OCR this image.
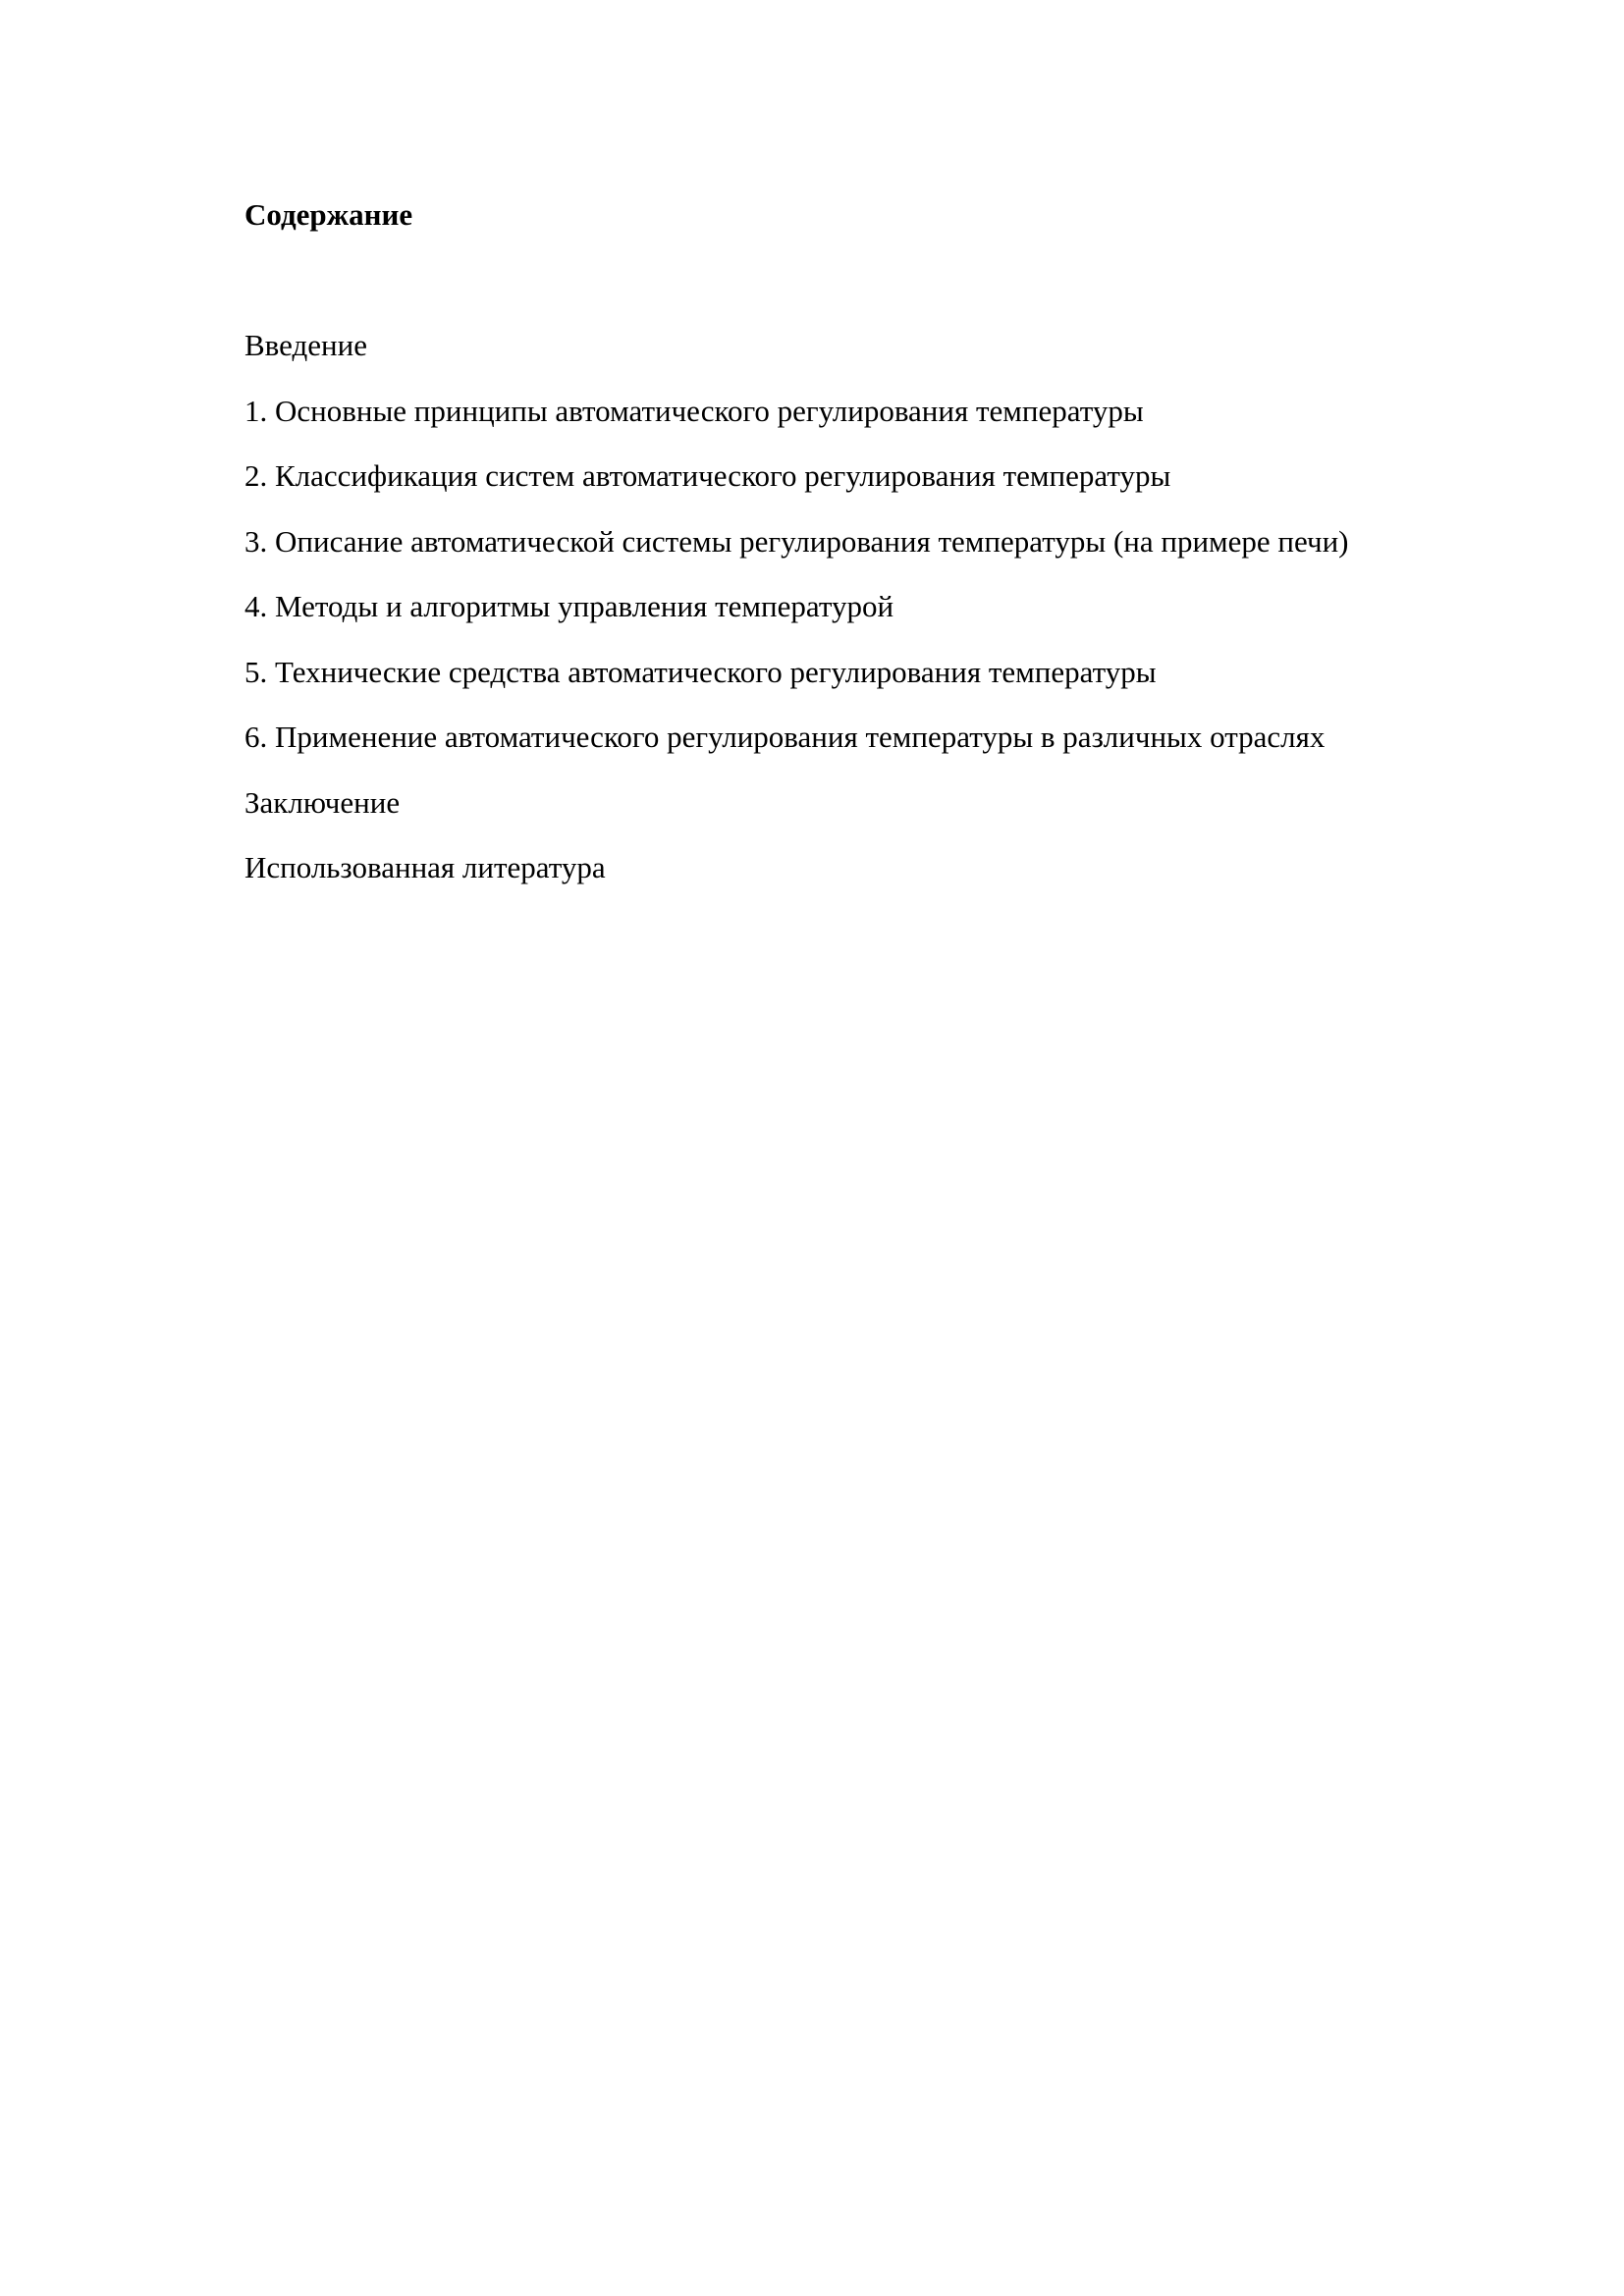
Содержание
Введение
1. Основные принципы автоматического регулирования температуры
2. Классификация систем автоматического регулирования температуры
3. Описание автоматической системы регулирования температуры (на примере печи)
4. Методы и алгоритмы управления температурой
5. Технические средства автоматического регулирования температуры
6. Применение автоматического регулирования температуры в различных отраслях
Заключение
Использованная литература
